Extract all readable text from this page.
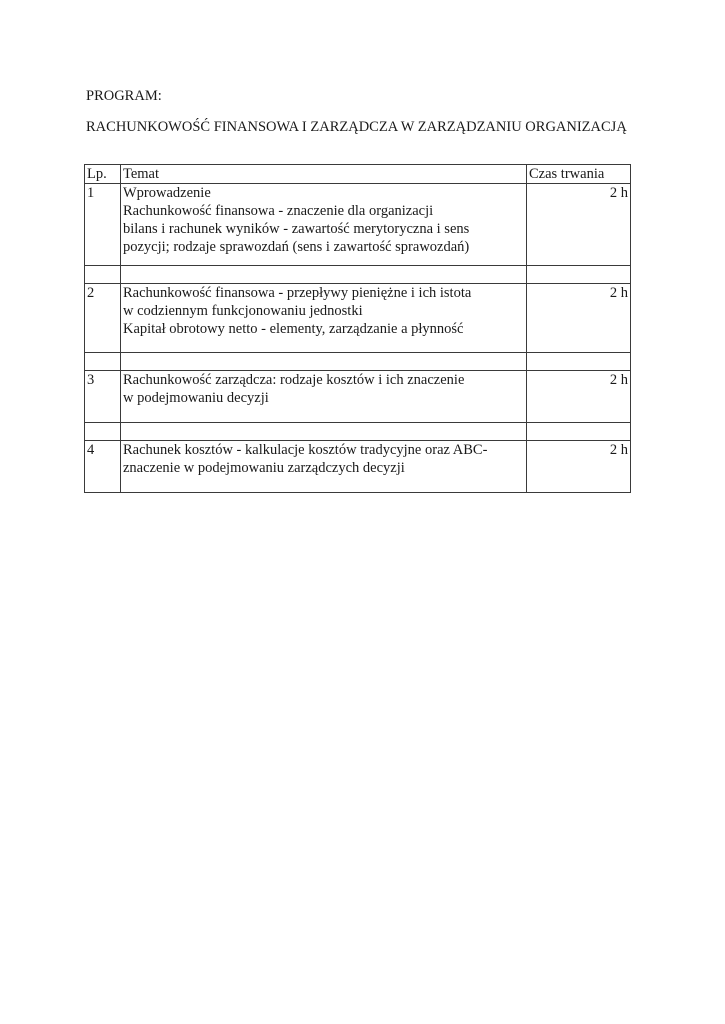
PROGRAM:

RACHUNKOWOŚĆ FINANSOWA I ZARZĄDCZA W ZARZĄDZANIU ORGANIZACJĄ

Lp.	Temat	Czas trwania
1	Wprowadzenie
Rachunkowość finansowa - znaczenie dla organizacji
bilans i rachunek wyników - zawartość merytoryczna i sens
pozycji; rodzaje sprawozdań (sens i zawartość sprawozdań)	2 h

2	Rachunkowość finansowa - przepływy pieniężne i ich istota
w codziennym funkcjonowaniu jednostki
Kapitał obrotowy netto - elementy, zarządzanie a płynność	2 h

3	Rachunkowość zarządcza: rodzaje kosztów i ich znaczenie
w podejmowaniu decyzji	2 h

4	Rachunek kosztów - kalkulacje kosztów tradycyjne oraz ABC-
znaczenie w podejmowaniu zarządczych decyzji	2 h
